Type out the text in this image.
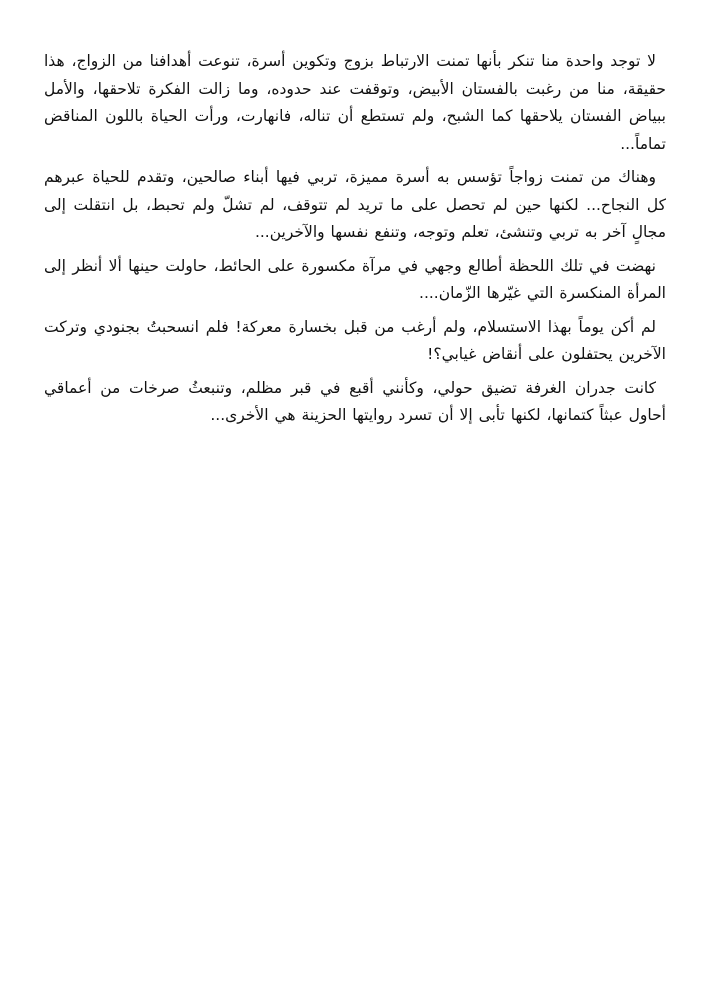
لا توجد واحدة منا تنكر بأنها تمنت الارتباط بزوج وتكوين أسرة، تنوعت أهدافنا من الزواج، هذا حقيقة، منا من رغبت بالفستان الأبيض، وتوقفت عند حدوده، وما زالت الفكرة تلاحقها، والأمل ببياض الفستان يلاحقها كما الشبح، ولم تستطع أن تناله، فانهارت، ورأت الحياة باللون المناقض تماماً...

وهناك من تمنت زواجاً تؤسس به أسرة مميزة، تربي فيها أبناء صالحين، وتقدم للحياة عبرهم كل النجاح... لكنها حين لم تحصل على ما تريد لم تتوقف، لم تشلّ ولم تحبط، بل انتقلت إلى مجالٍ آخر به تربي وتنشئ، تعلم وتوجه، وتنفع نفسها والآخرين...

نهضت في تلك اللحظة أطالع وجهي في مرآة مكسورة على الحائط، حاولت حينها ألا أنظر إلى المرأة المنكسرة التي غيّرها الزّمان....

لم أكن يوماً بهذا الاستسلام، ولم أرغب من قبل بخسارة معركة! فلم انسحبتُ بجنودي وتركت الآخرين يحتفلون على أنقاض غيابي؟!

كانت جدران الغرفة تضيق حولي، وكأنني أقبع في قبر مظلم، وتنبعثُ صرخات من أعماقي أحاول عبثاً كتمانها، لكنها تأبى إلا أن تسرد روايتها الحزينة هي الأخرى...
